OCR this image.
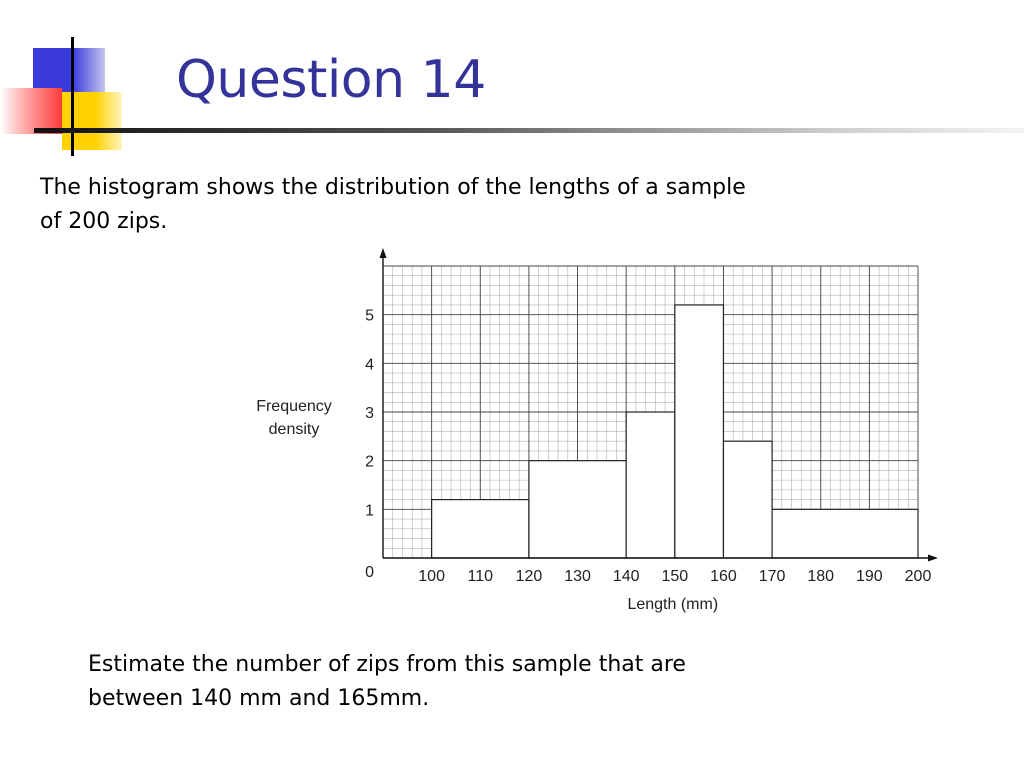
Question 14
The histogram shows the distribution of the lengths of a sample
of 200 zips.
100 110 120 130 140 150 160 170 180 190 200
1
2
3
4
5
0
Length (mm)
Frequency
density
Estimate the number of zips from this sample that are
between 140 mm and 165mm.
